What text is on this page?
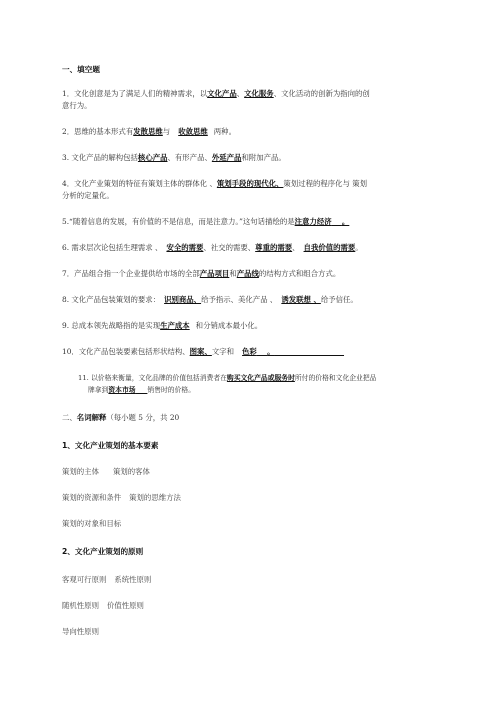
一、填空题
1．文化创意是为了满足人们的精神需求，以文化产品、文化服务、文化活动的创新为指向的创
意行为。
2．思维的基本形式有发散思维与 收敛思维 两种。
3. 文化产品的解构包括核心产品、有形产品、外延产品和附加产品。
4．文化产业策划的特征有策划主体的群体化 、策划手段的现代化、策划过程的程序化与 策划
分析的定量化。
5.“随着信息的发展，有价值的不是信息，而是注意力。”这句话描绘的是注意力经济 。
6. 需求层次论包括生理需求 、 安全的需要、社交的需要、尊重的需要、 自我价值的需要。
7．产品组合指一个企业提供给市场的全部产品项目和产品线的结构方式和组合方式。
8. 文化产品包装策划的要求： 识别商品、给予指示、美化产品 、 诱发联想 、给予信任。
9. 总成本领先战略指的是实现生产成本 和分销成本最小化。
10．文化产品包装要素包括形状结构、图案、文字和 色彩 。
11. 以价格来衡量，文化品牌的价值包括消费者在购买文化产品或服务时所付的价格和文化企业把品
牌拿到资本市场 销售时的价格。
二、名词解释（每小题 5 分，共 20
1、文化产业策划的基本要素
策划的主体 策划的客体
策划的资源和条件 策划的思维方法
策划的对象和目标
2、文化产业策划的原则
客观可行原则 系统性原则
随机性原则 价值性原则
导向性原则
